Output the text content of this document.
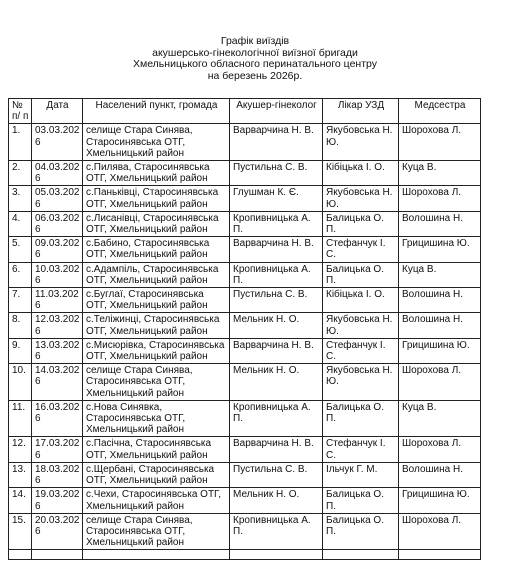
Графік виїздів
акушерсько-гінекологічної виїзної бригади
Хмельницького обласного перинатального центру
на березень 2026р.
№ п/ п	Дата	Населений пункт, громада	Акушер-гінеколог	Лікар УЗД	Медсестра
1.	03.03.2026	селище Стара Синява, Старосинявська ОТГ, Хмельницький район	Варварчина Н. В.	Якубовська Н. Ю.	Шорохова Л.
2.	04.03.2026	с.Пилява, Старосинявська ОТГ, Хмельницький район	Пустильна С. В.	Кібіцька І. О.	Куца В.
3.	05.03.2026	с.Паньківці, Старосинявська ОТГ, Хмельницький район	Глушман К. Є.	Якубовська Н. Ю.	Шорохова Л.
4.	06.03.2026	с.Лисанівці, Старосинявська ОТГ, Хмельницький район	Кропивницька А. П.	Балицька О. П.	Волошина Н.
5.	09.03.2026	с.Бабино, Старосинявська ОТГ, Хмельницький район	Варварчина Н. В.	Стефанчук І. С.	Грицишина Ю.
6.	10.03.2026	с.Адампіль, Старосинявська ОТГ, Хмельницький район	Кропивницька А. П.	Балицька О. П.	Куца В.
7.	11.03.2026	с.Буглаї, Старосинявська ОТГ, Хмельницький район	Пустильна С. В.	Кібіцька І. О.	Волошина Н.
8.	12.03.2026	с.Теліжинці, Старосинявська ОТГ, Хмельницький район	Мельник Н. О.	Якубовська Н. Ю.	Волошина Н.
9.	13.03.2026	с.Мисюрівка, Старосинявська ОТГ, Хмельницький район	Варварчина Н. В.	Стефанчук І. С.	Грицишина Ю.
10.	14.03.2026	селище Стара Синява, Старосинявська ОТГ, Хмельницький район	Мельник Н. О.	Якубовська Н. Ю.	Шорохова Л.
11.	16.03.2026	с.Нова Синявка, Старосинявська ОТГ, Хмельницький район	Кропивницька А. П.	Балицька О. П.	Куца В.
12.	17.03.2026	с.Пасічна, Старосинявська ОТГ, Хмельницький район	Варварчина Н. В.	Стефанчук І. С.	Шорохова Л.
13.	18.03.2026	с.Щербані, Старосинявська ОТГ, Хмельницький район	Пустильна С. В.	Ільчук Г. М.	Волошина Н.
14.	19.03.2026	с.Чехи, Старосинявська ОТГ, Хмельницький район	Мельник Н. О.	Балицька О. П.	Грицишина Ю.
15.	20.03.2026	селище Стара Синява, Старосинявська ОТГ, Хмельницький район	Кропивницька А. П.	Балицька О. П.	Шорохова Л.
